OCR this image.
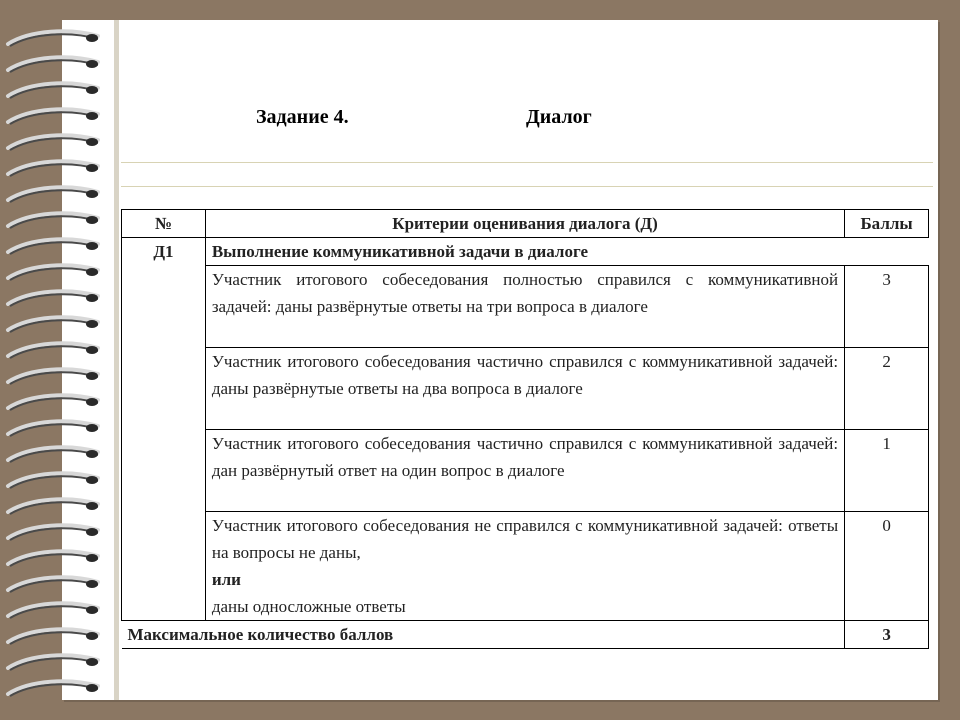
Задание 4.	Диалог
№	Критерии оценивания диалога (Д)	Баллы
Д1	Выполнение коммуникативной задачи в диалоге	
	Участник итогового собеседования полностью справился с коммуникативной задачей: даны развёрнутые ответы на три вопроса в диалоге	3
	Участник итогового собеседования частично справился с коммуникативной задачей: даны развёрнутые ответы на два вопроса в диалоге	2
	Участник итогового собеседования частично справился с коммуникативной задачей: дан развёрнутый ответ на один вопрос в диалоге	1

	Участник итогового собеседования не справился с коммуникативной задачей: ответы на вопросы не даны,
или
даны односложные ответы	0
Максимальное количество баллов		3
